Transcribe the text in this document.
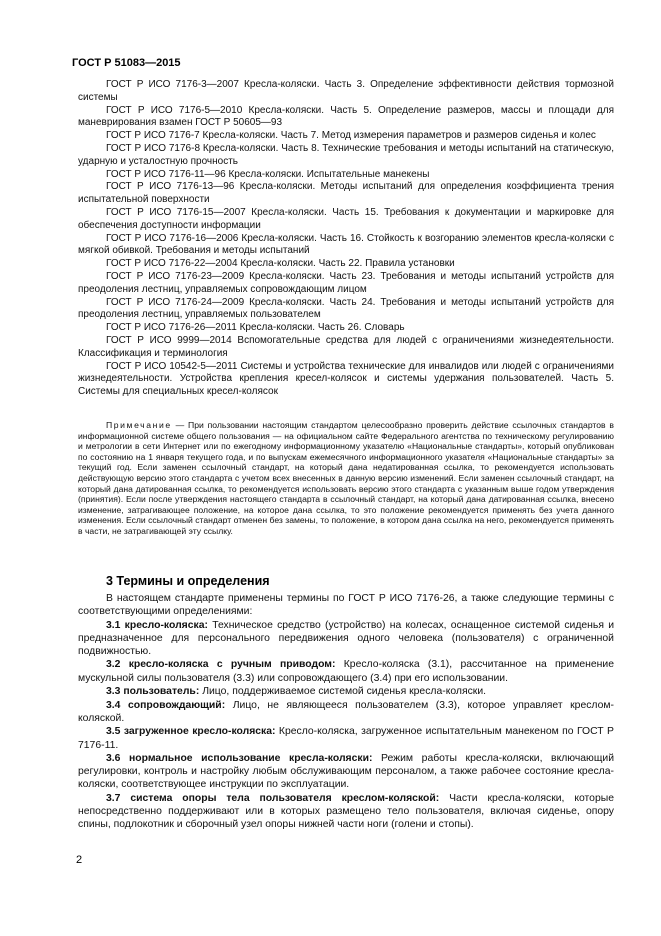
ГОСТ Р 51083—2015

ГОСТ Р ИСО 7176-3—2007 Кресла-коляски. Часть 3. Определение эффективности действия тормозной системы

ГОСТ Р ИСО 7176-5—2010 Кресла-коляски. Часть 5. Определение размеров, массы и площади для маневрирования взамен ГОСТ Р 50605—93

ГОСТ Р ИСО 7176-7 Кресла-коляски. Часть 7. Метод измерения параметров и размеров сиденья и колес

ГОСТ Р ИСО 7176-8 Кресла-коляски. Часть 8. Технические требования и методы испытаний на статическую, ударную и усталостную прочность

ГОСТ Р ИСО 7176-11—96 Кресла-коляски. Испытательные манекены

ГОСТ Р ИСО 7176-13—96 Кресла-коляски. Методы испытаний для определения коэффициента трения испытательной поверхности

ГОСТ Р ИСО 7176-15—2007 Кресла-коляски. Часть 15. Требования к документации и маркировке для обеспечения доступности информации

ГОСТ Р ИСО 7176-16—2006 Кресла-коляски. Часть 16. Стойкость к возгоранию элементов кресла-коляски с мягкой обивкой. Требования и методы испытаний

ГОСТ Р ИСО 7176-22—2004 Кресла-коляски. Часть 22. Правила установки

ГОСТ Р ИСО 7176-23—2009 Кресла-коляски. Часть 23. Требования и методы испытаний устройств для преодоления лестниц, управляемых сопровождающим лицом

ГОСТ Р ИСО 7176-24—2009 Кресла-коляски. Часть 24. Требования и методы испытаний устройств для преодоления лестниц, управляемых пользователем

ГОСТ Р ИСО 7176-26—2011 Кресла-коляски. Часть 26. Словарь

ГОСТ Р ИСО 9999—2014 Вспомогательные средства для людей с ограничениями жизнедеятельности. Классификация и терминология

ГОСТ Р ИСО 10542-5—2011 Системы и устройства технические для инвалидов или людей с ограничениями жизнедеятельности. Устройства крепления кресел-колясок и системы удержания пользователей. Часть 5. Системы для специальных кресел-колясок

Примечание — При пользовании настоящим стандартом целесообразно проверить действие ссылочных стандартов в информационной системе общего пользования — на официальном сайте Федерального агентства по техническому регулированию и метрологии в сети Интернет или по ежегодному информационному указателю «Национальные стандарты», который опубликован по состоянию на 1 января текущего года, и по выпускам ежемесячного информационного указателя «Национальные стандарты» за текущий год. Если заменен ссылочный стандарт, на который дана недатированная ссылка, то рекомендуется использовать действующую версию этого стандарта с учетом всех внесенных в данную версию изменений. Если заменен ссылочный стандарт, на который дана датированная ссылка, то рекомендуется использовать версию этого стандарта с указанным выше годом утверждения (принятия). Если после утверждения настоящего стандарта в ссылочный стандарт, на который дана датированная ссылка, внесено изменение, затрагивающее положение, на которое дана ссылка, то это положение рекомендуется применять без учета данного изменения. Если ссылочный стандарт отменен без замены, то положение, в котором дана ссылка на него, рекомендуется применять в части, не затрагивающей эту ссылку.

3 Термины и определения

В настоящем стандарте применены термины по ГОСТ Р ИСО 7176-26, а также следующие термины с соответствующими определениями:

3.1 кресло-коляска: Техническое средство (устройство) на колесах, оснащенное системой сиденья и предназначенное для персонального передвижения одного человека (пользователя) с ограниченной подвижностью.

3.2 кресло-коляска с ручным приводом: Кресло-коляска (3.1), рассчитанное на применение мускульной силы пользователя (3.3) или сопровождающего (3.4) при его использовании.

3.3 пользователь: Лицо, поддерживаемое системой сиденья кресла-коляски.

3.4 сопровождающий: Лицо, не являющееся пользователем (3.3), которое управляет креслом-коляской.

3.5 загруженное кресло-коляска: Кресло-коляска, загруженное испытательным манекеном по ГОСТ Р 7176-11.

3.6 нормальное использование кресла-коляски: Режим работы кресла-коляски, включающий регулировки, контроль и настройку любым обслуживающим персоналом, а также рабочее состояние кресла-коляски, соответствующее инструкции по эксплуатации.

3.7 система опоры тела пользователя креслом-коляской: Части кресла-коляски, которые непосредственно поддерживают или в которых размещено тело пользователя, включая сиденье, опору спины, подлокотник и сборочный узел опоры нижней части ноги (голени и стопы).

2
